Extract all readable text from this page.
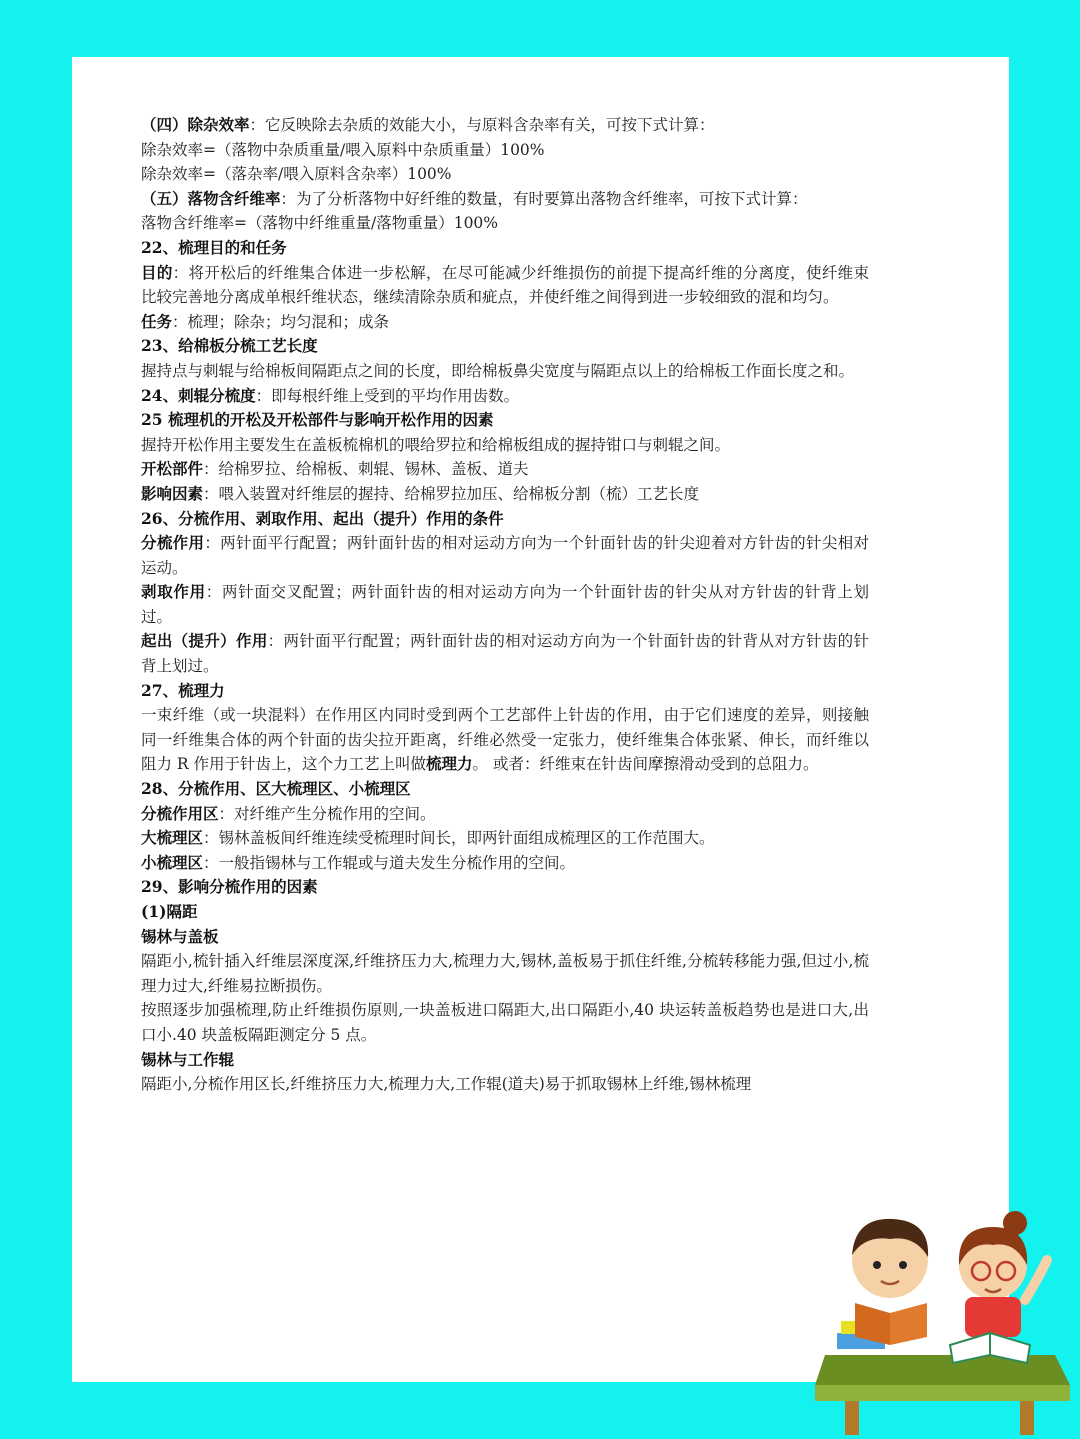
（四）除杂效率：它反映除去杂质的效能大小，与原料含杂率有关，可按下式计算：

除杂效率=（落物中杂质重量/喂入原料中杂质重量）100%

除杂效率=（落杂率/喂入原料含杂率）100%

（五）落物含纤维率：为了分析落物中好纤维的数量，有时要算出落物含纤维率，可按下式计算：

落物含纤维率=（落物中纤维重量/落物重量）100%

22、梳理目的和任务

目的：将开松后的纤维集合体进一步松解，在尽可能减少纤维损伤的前提下提高纤维的分离度，使纤维束比较完善地分离成单根纤维状态，继续清除杂质和疵点，并使纤维之间得到进一步较细致的混和均匀。

任务：梳理；除杂；均匀混和；成条

23、给棉板分梳工艺长度

握持点与刺辊与给棉板间隔距点之间的长度，即给棉板鼻尖宽度与隔距点以上的给棉板工作面长度之和。

24、刺辊分梳度：即每根纤维上受到的平均作用齿数。

25 梳理机的开松及开松部件与影响开松作用的因素

握持开松作用主要发生在盖板梳棉机的喂给罗拉和给棉板组成的握持钳口与刺辊之间。

开松部件：给棉罗拉、给棉板、刺辊、锡林、盖板、道夫

影响因素：喂入装置对纤维层的握持、给棉罗拉加压、给棉板分割（梳）工艺长度

26、分梳作用、剥取作用、起出（提升）作用的条件

分梳作用：两针面平行配置；两针面针齿的相对运动方向为一个针面针齿的针尖迎着对方针齿的针尖相对运动。

剥取作用：两针面交叉配置；两针面针齿的相对运动方向为一个针面针齿的针尖从对方针齿的针背上划过。

起出（提升）作用：两针面平行配置；两针面针齿的相对运动方向为一个针面针齿的针背从对方针齿的针背上划过。

27、梳理力

一束纤维（或一块混料）在作用区内同时受到两个工艺部件上针齿的作用，由于它们速度的差异，则接触同一纤维集合体的两个针面的齿尖拉开距离，纤维必然受一定张力，使纤维集合体张紧、伸长，而纤维以阻力 R 作用于针齿上，这个力工艺上叫做梳理力。 或者：纤维束在针齿间摩擦滑动受到的总阻力。

28、分梳作用、区大梳理区、小梳理区

分梳作用区：对纤维产生分梳作用的空间。

大梳理区：锡林盖板间纤维连续受梳理时间长，即两针面组成梳理区的工作范围大。

小梳理区：一般指锡林与工作辊或与道夫发生分梳作用的空间。

29、影响分梳作用的因素

(1)隔距

锡林与盖板

隔距小,梳针插入纤维层深度深,纤维挤压力大,梳理力大,锡林,盖板易于抓住纤维,分梳转移能力强,但过小,梳理力过大,纤维易拉断损伤。

按照逐步加强梳理,防止纤维损伤原则,一块盖板进口隔距大,出口隔距小,40 块运转盖板趋势也是进口大,出口小.40 块盖板隔距测定分 5 点。

锡林与工作辊

隔距小,分梳作用区长,纤维挤压力大,梳理力大,工作辊(道夫)易于抓取锡林上纤维,锡林梳理
